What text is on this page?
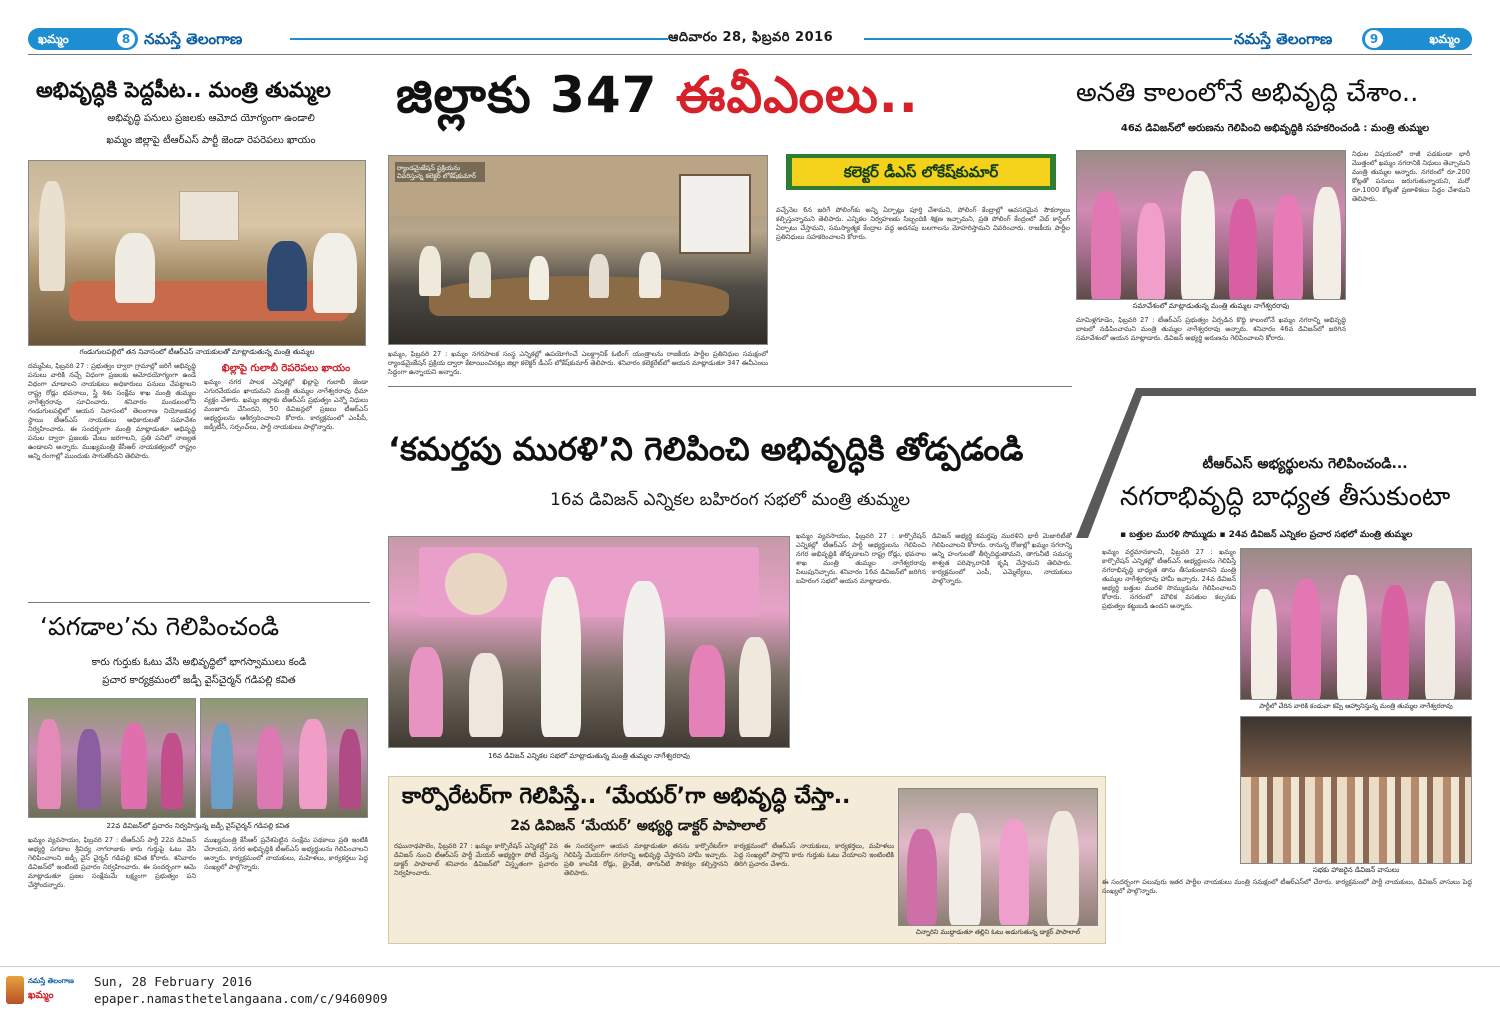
ఖమ్మం	8 నమస్తే తెలంగాణ	ఆదివారం 28, ఫిబ్రవరి 2016	నమస్తే తెలంగాణ	9	ఖమ్మం
అభివృద్ధికి పెద్దపీట.. మంత్రి తుమ్మల
అభివృద్ధి పనులు ప్రజలకు ఆమోద యోగ్యంగా ఉండాలి
ఖమ్మం జిల్లాపై టీఆర్ఎస్ పార్టీ జెండా రెపరెపలు ఖాయం
గండుగులపల్లిలో తన నివాసంలో టీఆర్ఎస్ నాయకులతో మాట్లాడుతున్న మంత్రి తుమ్మల
దమ్మపేట, ఫిబ్రవరి 27 : ప్రభుత్వం ద్వారా గ్రామాల్లో జరిగే అభివృద్ధి పనులు వారికి నచ్చే విధంగా ప్రజలకు ఆమోదయోగ్యంగా ఉండే విధంగా చూడాలని నాయకులు అధికారులు పనులు చేపట్టాలని రాష్ట్ర రోడ్లు భవనాలు, స్త్రీ శిశు సంక్షేమ శాఖ మంత్రి తుమ్మల నాగేశ్వరరావు సూచించారు. శనివారం మండలంలోని గండుగులపల్లిలో ఆయన నివాసంలో తెలంగాణ నియోజకవర్గ స్థాయి టీఆర్ఎస్ నాయకులు అధికారులతో సమావేశం నిర్వహించారు. ఈ సందర్భంగా మంత్రి మాట్లాడుతూ అభివృద్ధి పనుల ద్వారా ప్రజలకు మేలు జరగాలని, ప్రతి పనిలో నాణ్యత ఉండాలని అన్నారు. ముఖ్యమంత్రి కేసీఆర్ నాయకత్వంలో రాష్ట్రం అన్ని రంగాల్లో ముందుకు సాగుతోందని తెలిపారు.
ఖిల్లాపై గులాబీ రెపరెపలు ఖాయం
ఖమ్మం నగర పాలక ఎన్నికల్లో ఖిల్లాపై గులాబీ జెండా ఎగురవేయడం ఖాయమని మంత్రి తుమ్మల నాగేశ్వరరావు ధీమా వ్యక్తం చేశారు. ఖమ్మం జిల్లాకు టీఆర్ఎస్ ప్రభుత్వం ఎన్నో నిధులు మంజూరు చేసిందని, 50 డివిజన్లలో ప్రజలు టీఆర్ఎస్ అభ్యర్థులను ఆశీర్వదించాలని కోరారు. కార్యక్రమంలో ఎంపీపీ, జడ్పీటీసీ, సర్పంచ్‌లు, పార్టీ నాయకులు పాల్గొన్నారు.
‘పగడాల’ను గెలిపించండి
కారు గుర్తుకు ఓటు వేసి అభివృద్ధిలో భాగస్వాములు కండి
ప్రచార కార్యక్రమంలో జడ్పీ వైస్‌చైర్మన్ గడిపల్లి కవిత
22వ డివిజన్‌లో ప్రచారం నిర్వహిస్తున్న జడ్పీ వైస్‌చైర్మన్ గడిపల్లి కవిత
ఖమ్మం వ్యవసాయం, ఫిబ్రవరి 27 : టీఆర్ఎస్ పార్టీ 22వ డివిజన్ అభ్యర్థి పగడాల శ్రీవిద్య నాగరాజుకు కారు గుర్తుపై ఓటు వేసి గెలిపించాలని జడ్పీ వైస్ చైర్మన్ గడిపల్లి కవిత కోరారు. శనివారం డివిజన్‌లో ఇంటింటి ప్రచారం నిర్వహించారు. ఈ సందర్భంగా ఆమె మాట్లాడుతూ ప్రజల సంక్షేమమే లక్ష్యంగా ప్రభుత్వం పని చేస్తోందన్నారు.
ముఖ్యమంత్రి కేసీఆర్ ప్రవేశపెట్టిన సంక్షేమ పథకాలు ప్రతి ఇంటికి చేరాయని, నగర అభివృద్ధికి టీఆర్ఎస్ అభ్యర్థులను గెలిపించాలని అన్నారు. కార్యక్రమంలో నాయకులు, మహిళలు, కార్యకర్తలు పెద్ద సంఖ్యలో పాల్గొన్నారు.
జిల్లాకు 347 ఈవీఎంలు..
ర్యాండమైజేషన్ ప్రక్రియను వివరిస్తున్న కలెక్టర్ లోకేష్‌కుమార్	కలెక్టర్ డీఎస్ లోకేష్‌కుమార్
వచ్చేనెల 6న జరిగే పోలింగ్‌కు అన్ని ఏర్పాట్లు పూర్తి చేశామని, పోలింగ్ కేంద్రాల్లో అవసరమైన సౌకర్యాలు కల్పిస్తున్నామని తెలిపారు. ఎన్నికల నిర్వహణకు సిబ్బందికి శిక్షణ ఇచ్చామని, ప్రతి పోలింగ్ కేంద్రంలో వెబ్ కాస్టింగ్ ఏర్పాటు చేస్తామని, సమస్యాత్మక కేంద్రాల వద్ద అదనపు బలగాలను మోహరిస్తామని వివరించారు. రాజకీయ పార్టీల ప్రతినిధులు సహకరించాలని కోరారు.
ఖమ్మం, ఫిబ్రవరి 27 : ఖమ్మం నగరపాలక సంస్థ ఎన్నికల్లో ఉపయోగించే ఎలక్ట్రానిక్ ఓటింగ్ యంత్రాలను రాజకీయ పార్టీల ప్రతినిధుల సమక్షంలో ర్యాండమైజేషన్ ప్రక్రియ ద్వారా కేటాయించినట్లు జిల్లా కలెక్టర్ డీఎస్ లోకేష్‌కుమార్ తెలిపారు. శనివారం కలెక్టరేట్‌లో ఆయన మాట్లాడుతూ 347 ఈవీఎంలు సిద్ధంగా ఉన్నాయని అన్నారు.
‘కమర్తపు మురళి’ని గెలిపించి అభివృద్ధికి తోడ్పడండి
16వ డివిజన్ ఎన్నికల బహిరంగ సభలో మంత్రి తుమ్మల
16వ డివిజన్ ఎన్నికల సభలో మాట్లాడుతున్న మంత్రి తుమ్మల నాగేశ్వరరావు
ఖమ్మం వ్యవసాయం, ఫిబ్రవరి 27 : కార్పొరేషన్ ఎన్నికల్లో టీఆర్ఎస్ పార్టీ అభ్యర్థులను గెలిపించి నగర అభివృద్ధికి తోడ్పడాలని రాష్ట్ర రోడ్లు, భవనాల శాఖ మంత్రి తుమ్మల నాగేశ్వరరావు పిలుపునిచ్చారు. శనివారం 16వ డివిజన్‌లో జరిగిన బహిరంగ సభలో ఆయన మాట్లాడారు.
డివిజన్ అభ్యర్థి కమర్తపు మురళిని భారీ మెజారిటీతో గెలిపించాలని కోరారు. రానున్న రోజుల్లో ఖమ్మం నగరాన్ని అన్ని హంగులతో తీర్చిదిద్దుతామని, తాగునీటి సమస్య శాశ్వత పరిష్కారానికి కృషి చేస్తామని తెలిపారు. కార్యక్రమంలో ఎంపీ, ఎమ్మెల్యేలు, నాయకులు పాల్గొన్నారు.
కార్పొరేటర్‌గా గెలిపిస్తే.. ‘మేయర్’గా అభివృద్ధి చేస్తా..
2వ డివిజన్ ‘మేయర్’ అభ్యర్థి డాక్టర్ పాపాలాల్
రఘునాథపాలెం, ఫిబ్రవరి 27 : ఖమ్మం కార్పొరేషన్ ఎన్నికల్లో 2వ డివిజన్ నుంచి టీఆర్ఎస్ పార్టీ మేయర్ అభ్యర్థిగా పోటీ చేస్తున్న డాక్టర్ పాపాలాల్ శనివారం డివిజన్‌లో విస్తృతంగా ప్రచారం నిర్వహించారు.
ఈ సందర్భంగా ఆయన మాట్లాడుతూ తనను కార్పొరేటర్‌గా గెలిపిస్తే మేయర్‌గా నగరాన్ని అభివృద్ధి చేస్తానని హామీ ఇచ్చారు. ప్రతి కాలనీకి రోడ్లు, డ్రైనేజీ, తాగునీటి సౌకర్యం కల్పిస్తానని తెలిపారు.
కార్యక్రమంలో టీఆర్ఎస్ నాయకులు, కార్యకర్తలు, మహిళలు పెద్ద సంఖ్యలో పాల్గొని కారు గుర్తుకు ఓటు వేయాలని ఇంటింటికి తిరిగి ప్రచారం చేశారు.
చిన్నారిని ముద్దాడుతూ తల్లిని ఓటు అడుగుతున్న డాక్టర్ పాపాలాల్
అనతి కాలంలోనే అభివృద్ధి చేశాం..
46వ డివిజన్‌లో అరుణను గెలిపించి అభివృద్ధికి సహకరించండి : మంత్రి తుమ్మల
సమావేశంలో మాట్లాడుతున్న మంత్రి తుమ్మల నాగేశ్వరరావు
నిధుల విషయంలో రాజీ పడకుండా భారీ మొత్తంలో ఖమ్మం నగరానికి నిధులు తెచ్చామని మంత్రి తుమ్మల అన్నారు. నగరంలో రూ.200 కోట్లతో పనులు జరుగుతున్నాయని, మరో రూ.1000 కోట్లతో ప్రణాళికలు సిద్ధం చేశామని తెలిపారు.
మామిళ్లగూడెం, ఫిబ్రవరి 27 : టీఆర్ఎస్ ప్రభుత్వం ఏర్పడిన కొద్ది కాలంలోనే ఖమ్మం నగరాన్ని అభివృద్ధి బాటలో నడిపించామని మంత్రి తుమ్మల నాగేశ్వరరావు అన్నారు. శనివారం 46వ డివిజన్‌లో జరిగిన సమావేశంలో ఆయన మాట్లాడారు. డివిజన్ అభ్యర్థి అరుణను గెలిపించాలని కోరారు.
టీఆర్ఎస్ అభ్యర్థులను గెలిపించండి...
నగరాభివృద్ధి బాధ్యత తీసుకుంటా
▪ బత్తుల మురళి సొమ్ముడు ▪ 24వ డివిజన్ ఎన్నికల ప్రచార సభలో మంత్రి తుమ్మల
ఖమ్మం వర్ధమానకాలనీ, ఫిబ్రవరి 27 : ఖమ్మం కార్పొరేషన్ ఎన్నికల్లో టీఆర్ఎస్ అభ్యర్థులను గెలిపిస్తే నగరాభివృద్ధి బాధ్యత తాను తీసుకుంటానని మంత్రి తుమ్మల నాగేశ్వరరావు హామీ ఇచ్చారు. 24వ డివిజన్ అభ్యర్థి బత్తుల మురళి సొమ్ముడును గెలిపించాలని కోరారు. నగరంలో మౌలిక వసతుల కల్పనకు ప్రభుత్వం కట్టుబడి ఉందని అన్నారు.
పార్టీలో చేరిన వారికి కండువా కప్పి ఆహ్వానిస్తున్న మంత్రి తుమ్మల నాగేశ్వరరావు
సభకు హాజరైన డివిజన్ వాసులు
ఈ సందర్భంగా పలువురు ఇతర పార్టీల నాయకులు మంత్రి సమక్షంలో టీఆర్ఎస్‌లో చేరారు. కార్యక్రమంలో పార్టీ నాయకులు, డివిజన్ వాసులు పెద్ద సంఖ్యలో పాల్గొన్నారు.
నమస్తే తెలంగాణ
ఖమ్మం
Sun, 28 February 2016
epaper.namasthetelangaana.com/c/9460909
